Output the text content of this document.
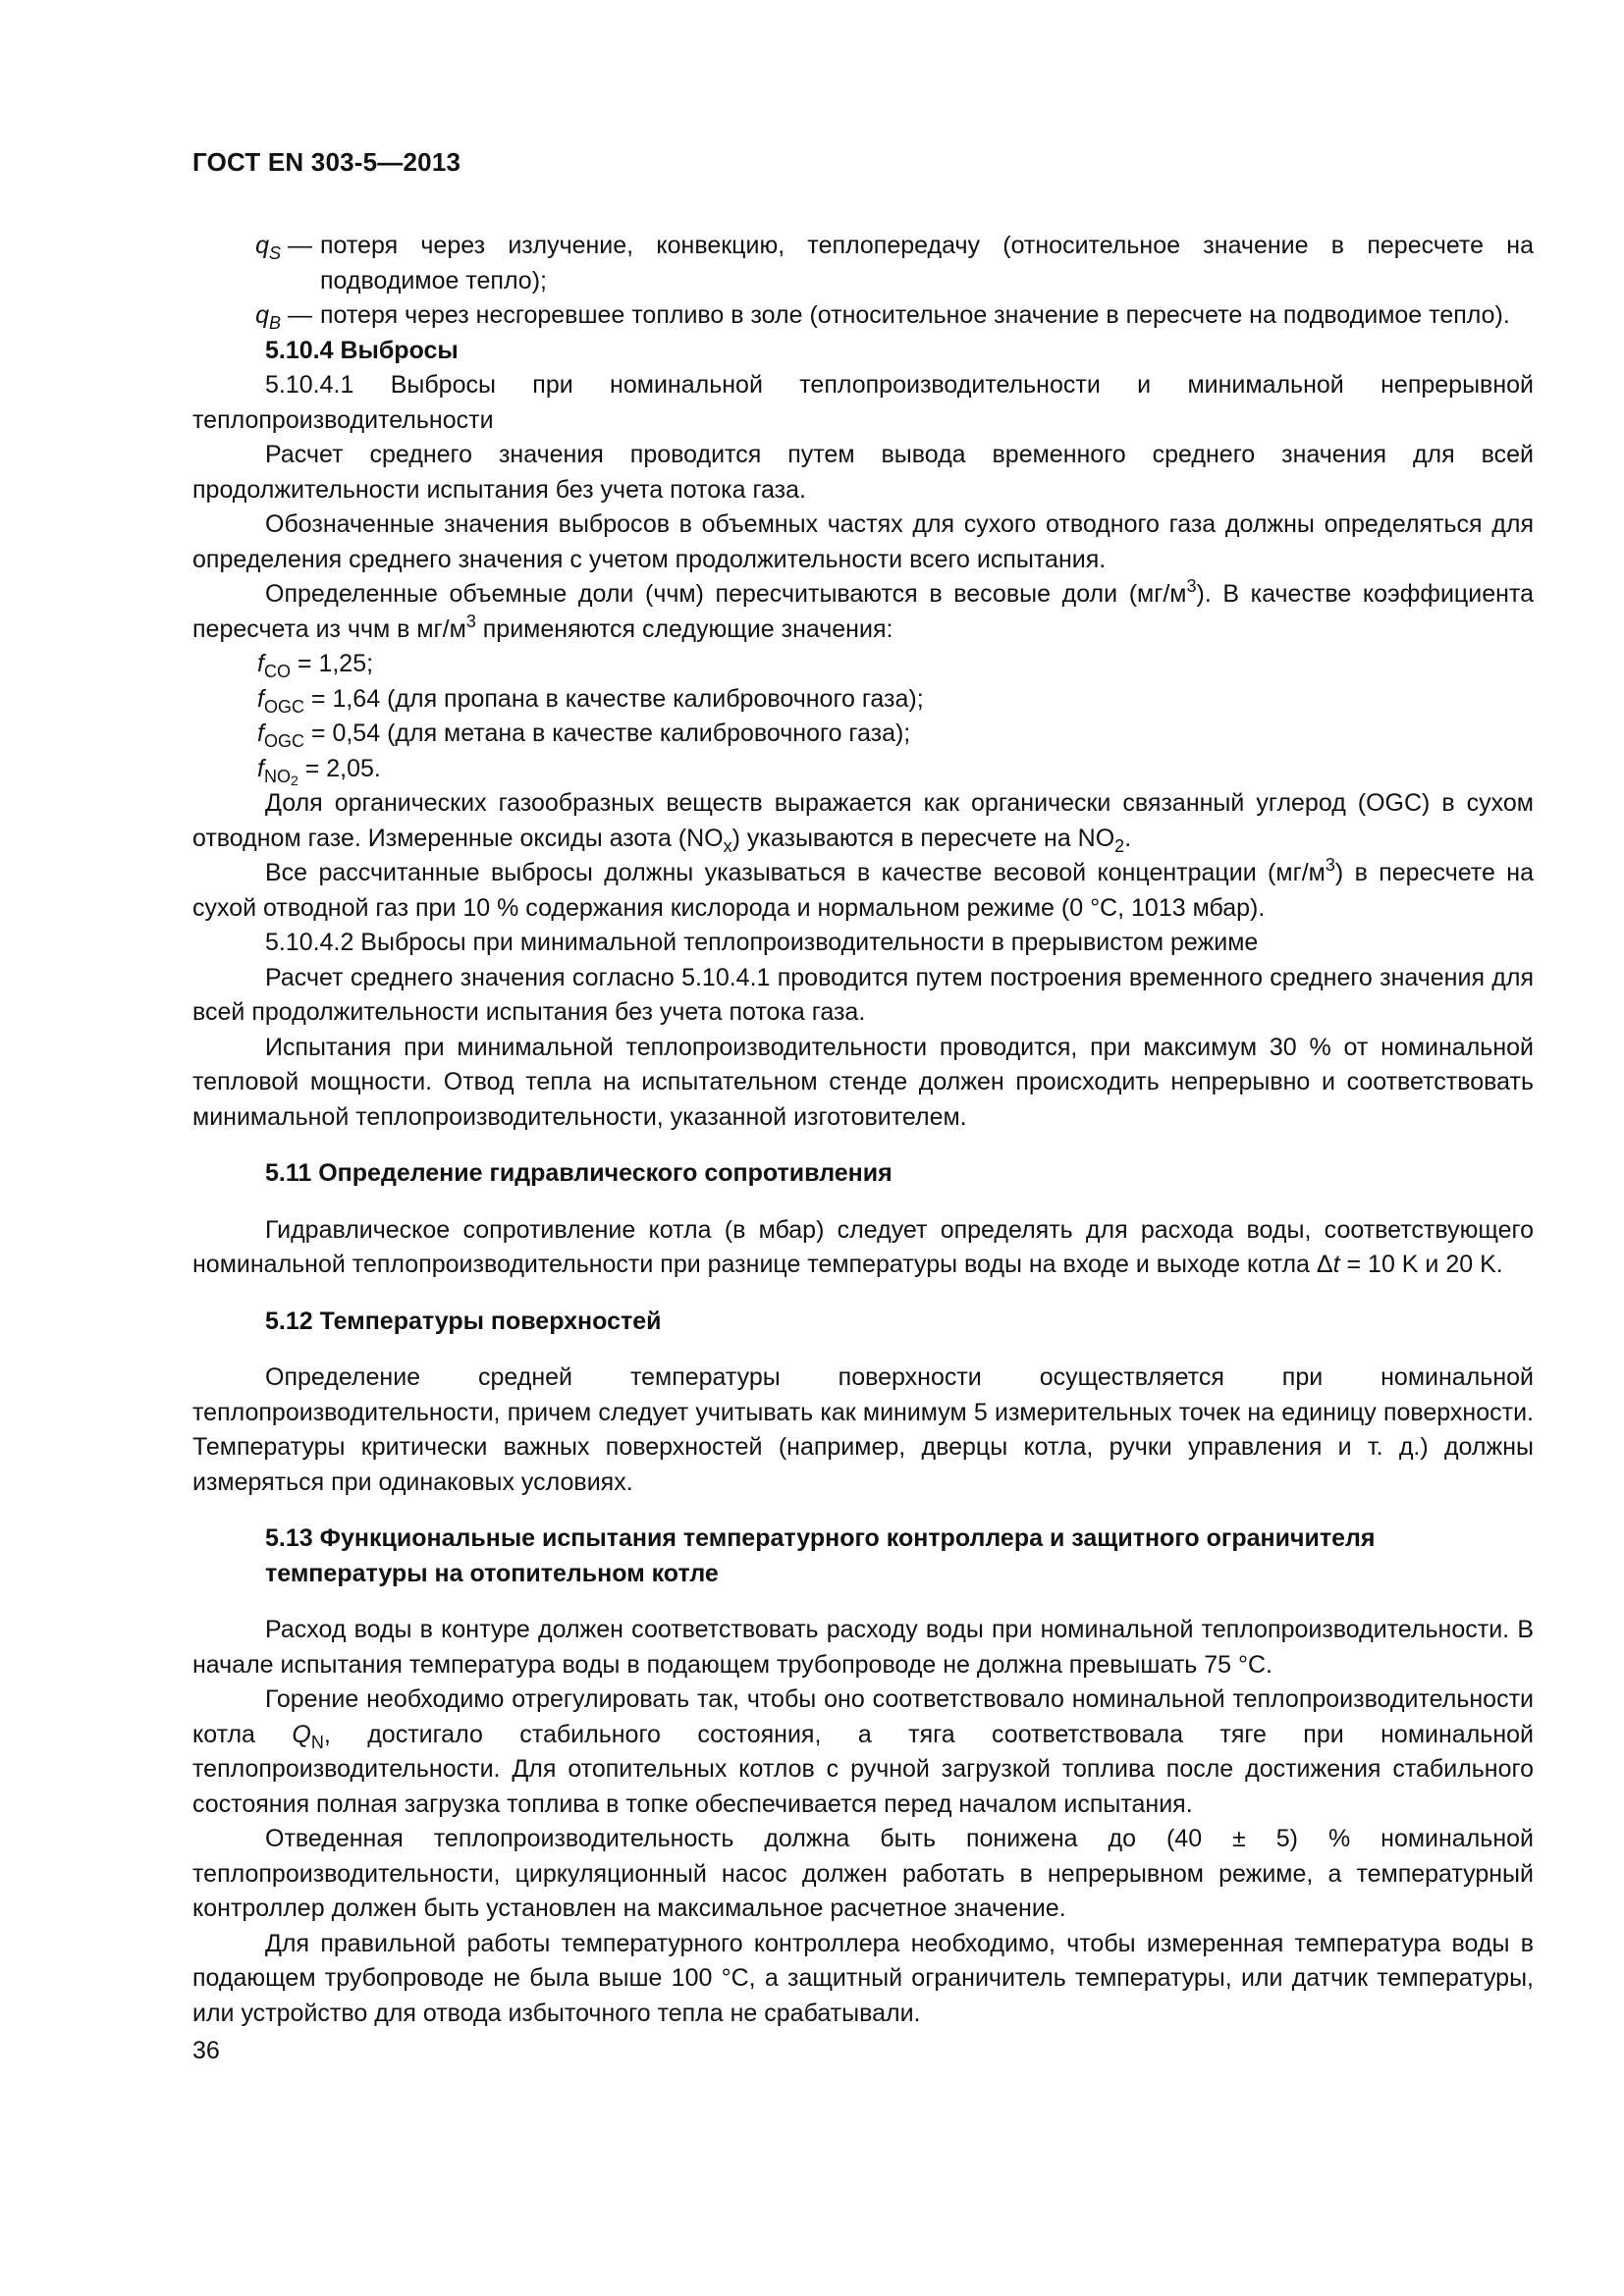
ГОСТ EN 303-5—2013
$q_S$ — потеря через излучение, конвекцию, теплопередачу (относительное значение в пересчете на подводимое тепло);
$q_B$ — потеря через несгоревшее топливо в золе (относительное значение в пересчете на подводимое тепло).
5.10.4 Выбросы

5.10.4.1 Выбросы при номинальной теплопроизводительности и минимальной непрерывной теплопроизводительности

Расчет среднего значения проводится путем вывода временного среднего значения для всей продолжительности испытания без учета потока газа.

Обозначенные значения выбросов в объемных частях для сухого отводного газа должны определяться для определения среднего значения с учетом продолжительности всего испытания.

Определенные объемные доли (ччм) пересчитываются в весовые доли $(мг/м^3)$. В качестве коэффициента пересчета из ччм в $мг/м^3$ применяются следующие значения:

$f_{CO} = 1,25$;
$f_{OGC} = 1,64$ (для пропана в качестве калибровочного газа);
$f_{OGC} = 0,54$ (для метана в качестве калибровочного газа);
$f_{NO_2} = 2,05$.

Доля органических газообразных веществ выражается как органически связанный углерод (OGC) в сухом отводном газе. Измеренные оксиды азота $(NO_x)$ указываются в пересчете на $NO_2$.

Все рассчитанные выбросы должны указываться в качестве весовой концентрации $(мг/м^3)$ в пересчете на сухой отводной газ при 10 % содержания кислорода и нормальном режиме (0 °C, 1013 мбар).

5.10.4.2 Выбросы при минимальной теплопроизводительности в прерывистом режиме

Расчет среднего значения согласно 5.10.4.1 проводится путем построения временного среднего значения для всей продолжительности испытания без учета потока газа.

Испытания при минимальной теплопроизводительности проводится, при максимум 30 % от номинальной тепловой мощности. Отвод тепла на испытательном стенде должен происходить непрерывно и соответствовать минимальной теплопроизводительности, указанной изготовителем.

5.11 Определение гидравлического сопротивления

Гидравлическое сопротивление котла (в мбар) следует определять для расхода воды, соответствующего номинальной теплопроизводительности при разнице температуры воды на входе и выходе котла Δt = 10 K и 20 K.

5.12 Температуры поверхностей

Определение средней температуры поверхности осуществляется при номинальной теплопроизводительности, причем следует учитывать как минимум 5 измерительных точек на единицу поверхности. Температуры критически важных поверхностей (например, дверцы котла, ручки управления и т. д.) должны измеряться при одинаковых условиях.

5.13 Функциональные испытания температурного контроллера и защитного ограничителя температуры на отопительном котле

Расход воды в контуре должен соответствовать расходу воды при номинальной теплопроизводительности. В начале испытания температура воды в подающем трубопроводе не должна превышать 75 °C.

Горение необходимо отрегулировать так, чтобы оно соответствовало номинальной теплопроизводительности котла $Q_N$, достигало стабильного состояния, а тяга соответствовала тяге при номинальной теплопроизводительности. Для отопительных котлов с ручной загрузкой топлива после достижения стабильного состояния полная загрузка топлива в топке обеспечивается перед началом испытания.

Отведенная теплопроизводительность должна быть понижена до (40 ± 5) % номинальной теплопроизводительности, циркуляционный насос должен работать в непрерывном режиме, а температурный контроллер должен быть установлен на максимальное расчетное значение.

Для правильной работы температурного контроллера необходимо, чтобы измеренная температура воды в подающем трубопроводе не была выше 100 °C, а защитный ограничитель температуры, или датчик температуры, или устройство для отвода избыточного тепла не срабатывали.

36
